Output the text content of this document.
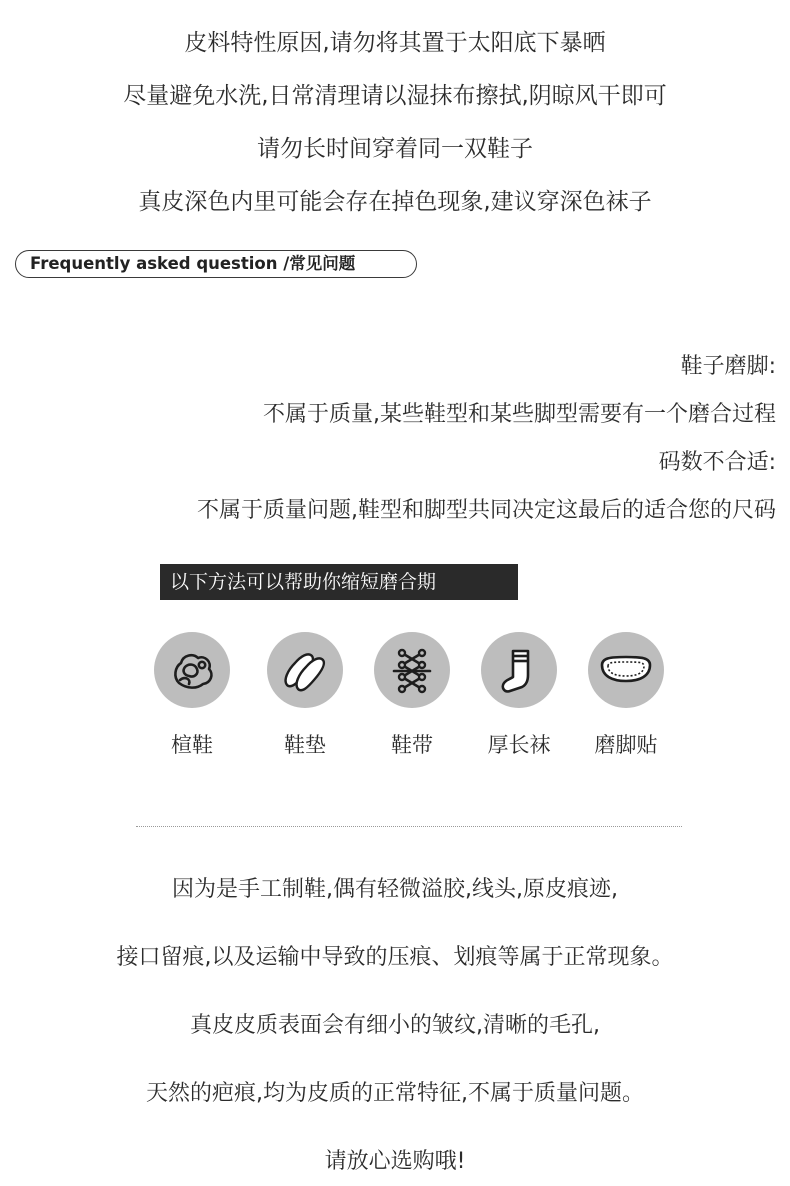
皮料特性原因,请勿将其置于太阳底下暴晒
尽量避免水洗,日常清理请以湿抹布擦拭,阴晾风干即可
请勿长时间穿着同一双鞋子
真皮深色内里可能会存在掉色现象,建议穿深色袜子
Frequently asked question /常见问题
鞋子磨脚:
不属于质量,某些鞋型和某些脚型需要有一个磨合过程
码数不合适:
不属于质量问题,鞋型和脚型共同决定这最后的适合您的尺码
以下方法可以帮助你缩短磨合期
楦鞋	鞋垫	鞋带	厚长袜	磨脚贴
因为是手工制鞋,偶有轻微溢胶,线头,原皮痕迹,
接口留痕,以及运输中导致的压痕、划痕等属于正常现象。
真皮皮质表面会有细小的皱纹,清晰的毛孔,
天然的疤痕,均为皮质的正常特征,不属于质量问题。
请放心选购哦!
